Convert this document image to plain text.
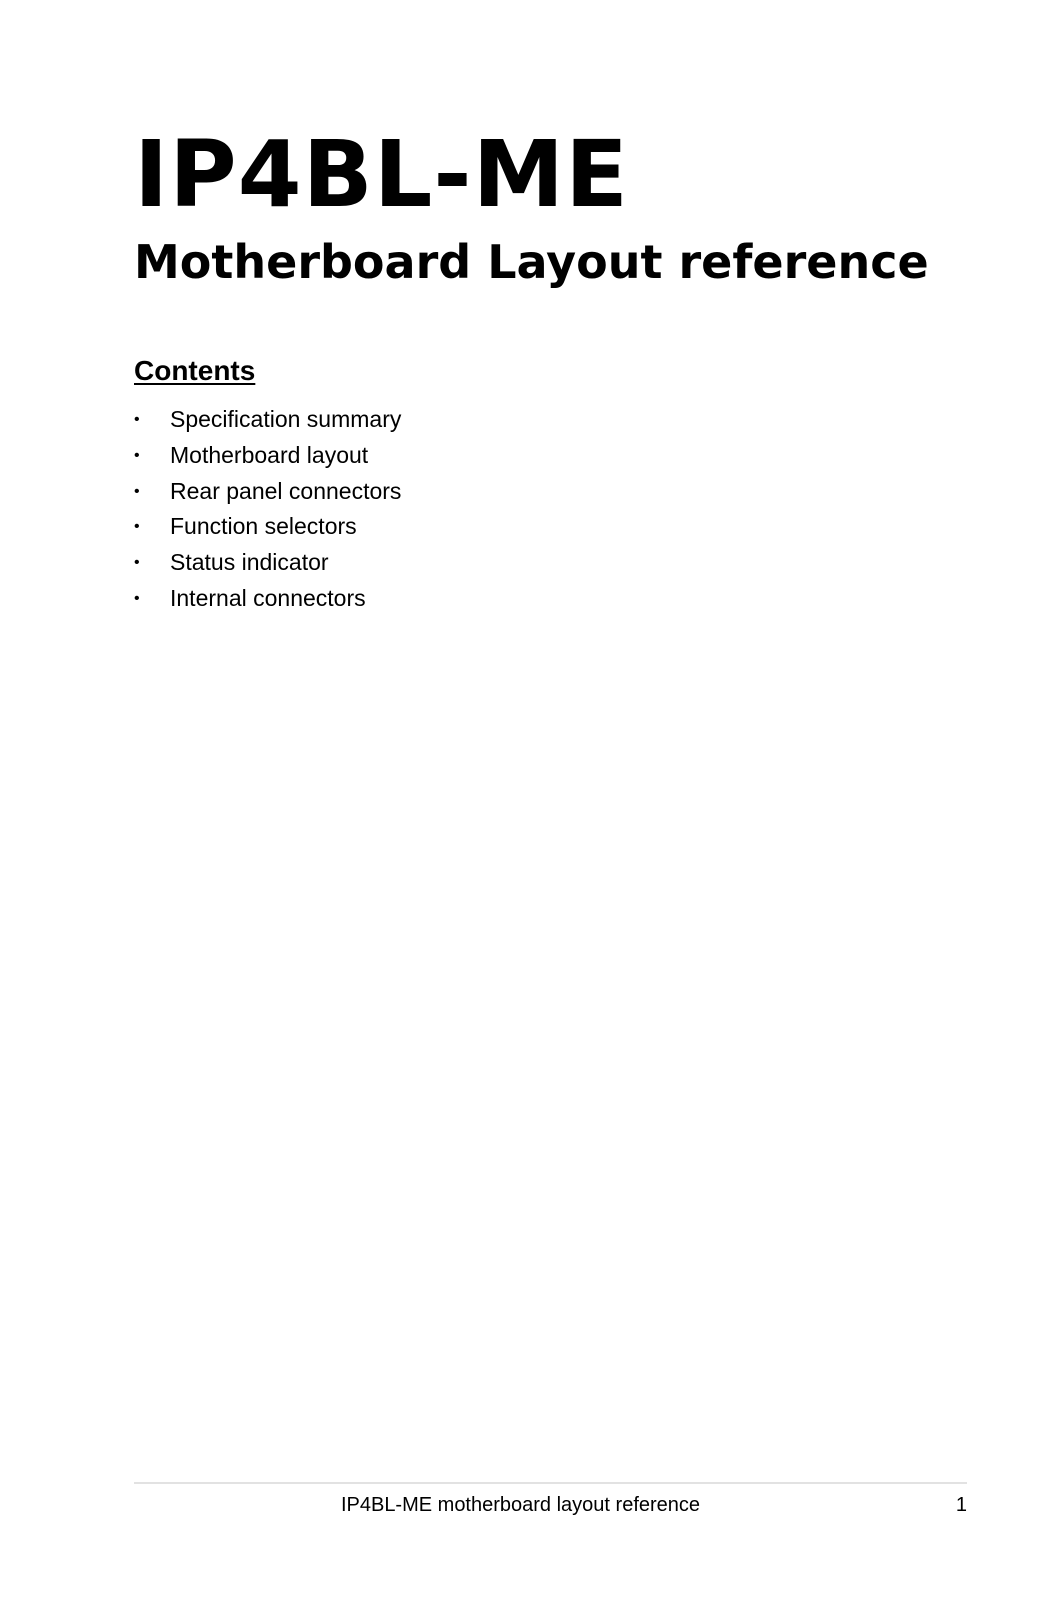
IP4BL-ME
Motherboard Layout reference
Contents
•	Specification summary
•	Motherboard layout
•	Rear panel connectors
•	Function selectors
•	Status indicator
•	Internal connectors
IP4BL-ME motherboard layout reference	1
